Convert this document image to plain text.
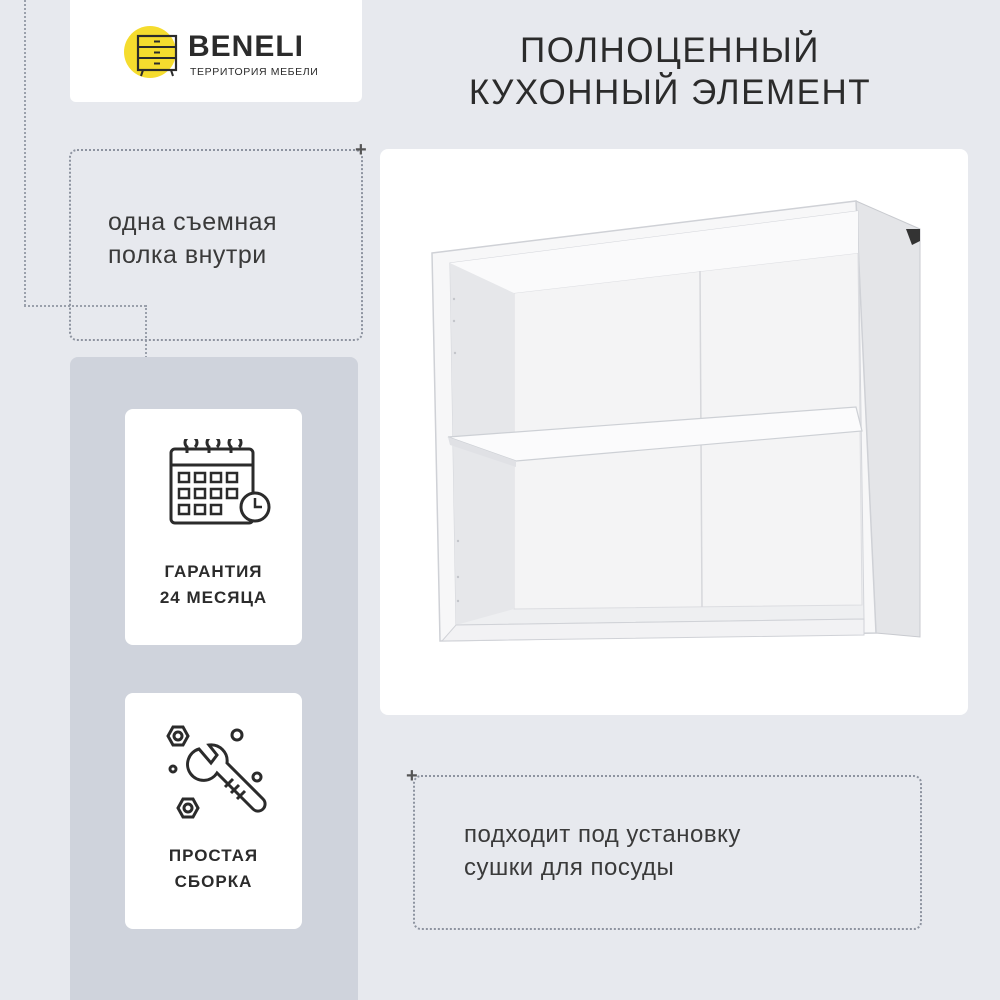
BENELI
ТЕРРИТОРИЯ МЕБЕЛИ
ПОЛНОЦЕННЫЙ
КУХОННЫЙ ЭЛЕМЕНТ
+
одна съемная
полка внутри
ГАРАНТИЯ
24 МЕСЯЦА
ПРОСТАЯ
СБОРКА
+
подходит под установку
сушки для посуды
